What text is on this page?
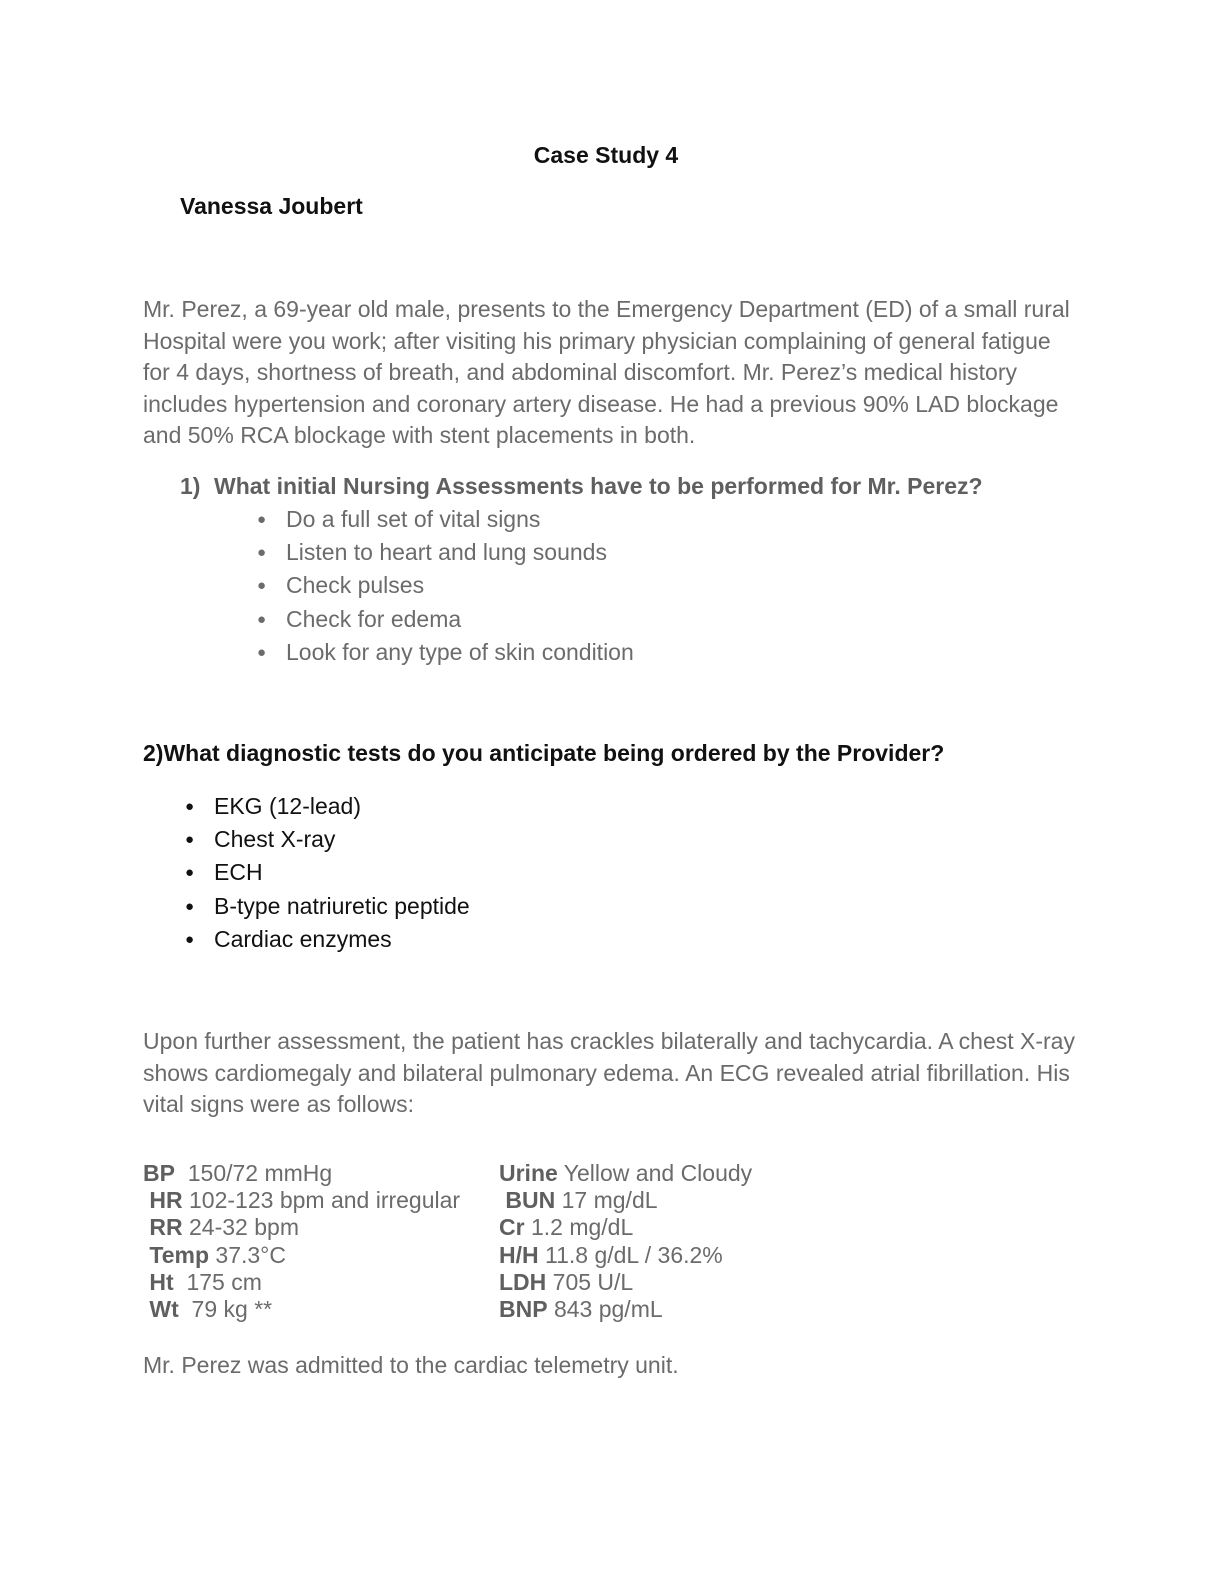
Case Study 4
Vanessa Joubert
Mr. Perez, a 69-year old male, presents to the Emergency Department (ED) of a small rural Hospital were you work; after visiting his primary physician complaining of general fatigue for 4 days, shortness of breath, and abdominal discomfort. Mr. Perez’s medical history includes hypertension and coronary artery disease. He had a previous 90% LAD blockage and 50% RCA blockage with stent placements in both.
1) What initial Nursing Assessments have to be performed for Mr. Perez?
● Do a full set of vital signs
● Listen to heart and lung sounds
● Check pulses
● Check for edema
● Look for any type of skin condition
2)What diagnostic tests do you anticipate being ordered by the Provider?
● EKG (12-lead)
● Chest X-ray
● ECH
● B-type natriuretic peptide
● Cardiac enzymes
Upon further assessment, the patient has crackles bilaterally and tachycardia. A chest X-ray shows cardiomegaly and bilateral pulmonary edema. An ECG revealed atrial fibrillation. His vital signs were as follows:
BP  150/72 mmHg
HR 102-123 bpm and irregular
RR 24-32 bpm
Temp 37.3°C
Ht  175 cm
Wt  79 kg **
Urine Yellow and Cloudy
BUN 17 mg/dL
Cr 1.2 mg/dL
H/H 11.8 g/dL / 36.2%
LDH 705 U/L
BNP 843 pg/mL
Mr. Perez was admitted to the cardiac telemetry unit.
